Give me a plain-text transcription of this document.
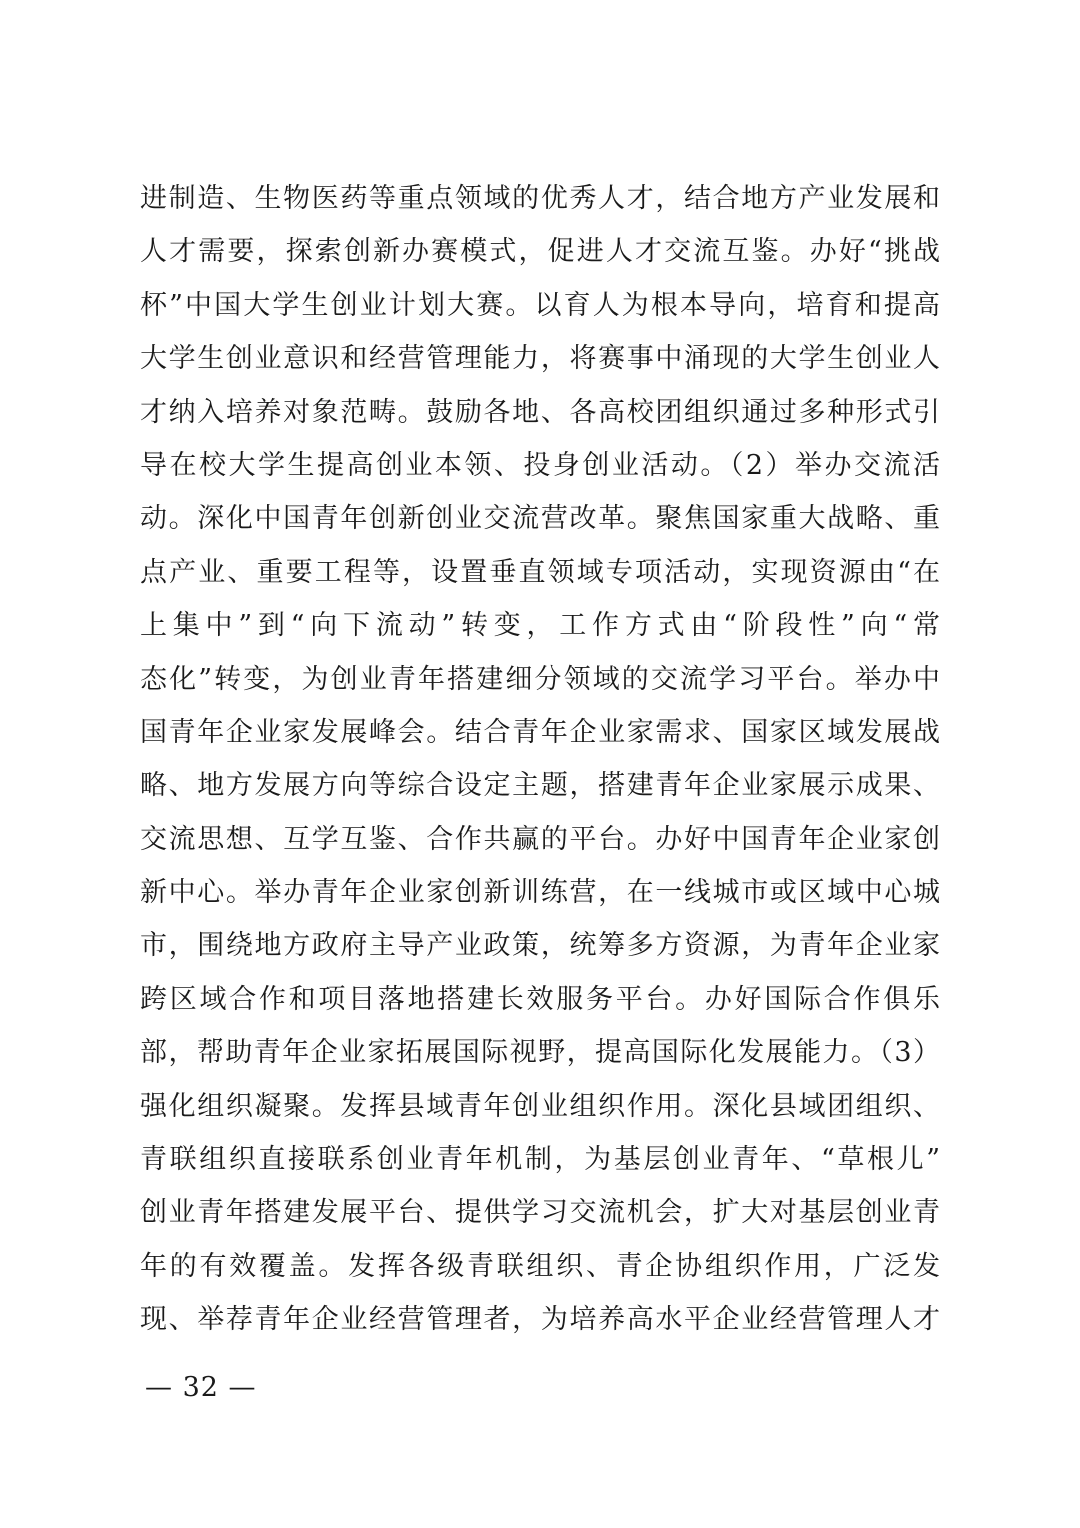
进制造、生物医药等重点领域的优秀人才，结合地方产业发展和
人才需要，探索创新办赛模式，促进人才交流互鉴。办好“挑战
杯”中国大学生创业计划大赛。以育人为根本导向，培育和提高
大学生创业意识和经营管理能力，将赛事中涌现的大学生创业人
才纳入培养对象范畴。鼓励各地、各高校团组织通过多种形式引
导在校大学生提高创业本领、投身创业活动。（2）举办交流活
动。深化中国青年创新创业交流营改革。聚焦国家重大战略、重
点产业、重要工程等，设置垂直领域专项活动，实现资源由“在
上集中”到“向下流动”转变，工作方式由“阶段性”向“常
态化”转变，为创业青年搭建细分领域的交流学习平台。举办中
国青年企业家发展峰会。结合青年企业家需求、国家区域发展战
略、地方发展方向等综合设定主题，搭建青年企业家展示成果、
交流思想、互学互鉴、合作共赢的平台。办好中国青年企业家创
新中心。举办青年企业家创新训练营，在一线城市或区域中心城
市，围绕地方政府主导产业政策，统筹多方资源，为青年企业家
跨区域合作和项目落地搭建长效服务平台。办好国际合作俱乐
部，帮助青年企业家拓展国际视野，提高国际化发展能力。（3）
强化组织凝聚。发挥县域青年创业组织作用。深化县域团组织、
青联组织直接联系创业青年机制，为基层创业青年、“草根儿”
创业青年搭建发展平台、提供学习交流机会，扩大对基层创业青
年的有效覆盖。发挥各级青联组织、青企协组织作用，广泛发
现、举荐青年企业经营管理者，为培养高水平企业经营管理人才
— 32 —
